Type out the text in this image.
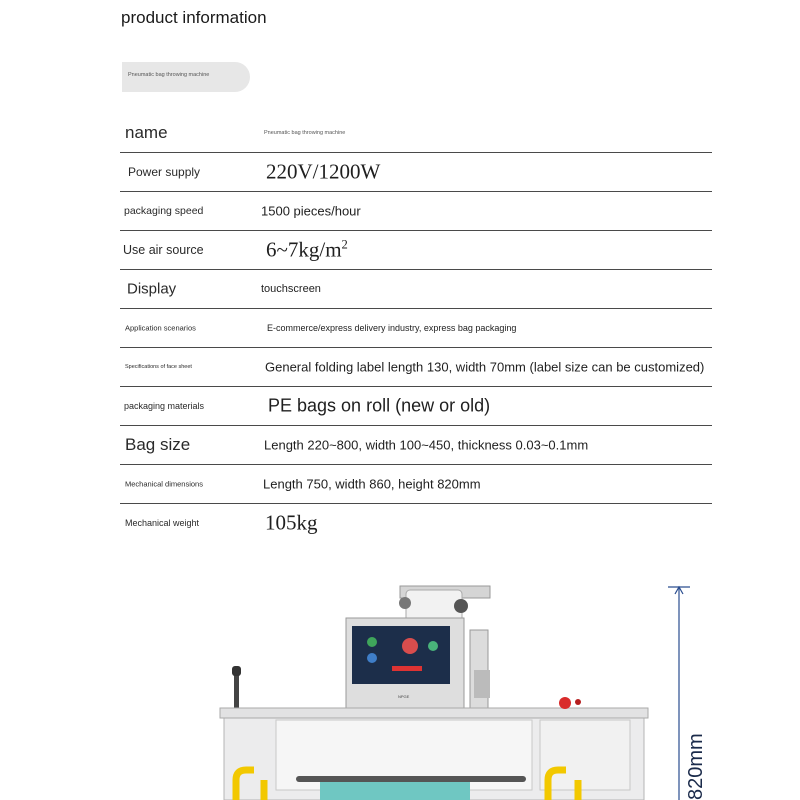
product information
Pneumatic bag throwing machine
name	Pneumatic bag throwing machine
Power supply	220V/1200W
packaging speed	1500 pieces/hour
Use air source	$6\sim 7kg/m^2$
Display	touchscreen
Application scenarios	E-commerce/express delivery industry, express bag packaging
Specifications of face sheet	General folding label length 130, width 70mm (label size can be customized)
packaging materials	PE bags on roll (new or old)
Bag size	Length 220~800, width 100~450, thickness 0.03~0.1mm
Mechanical dimensions	Length 750, width 860, height 820mm
Mechanical weight	105kg
NPGE
820mm
